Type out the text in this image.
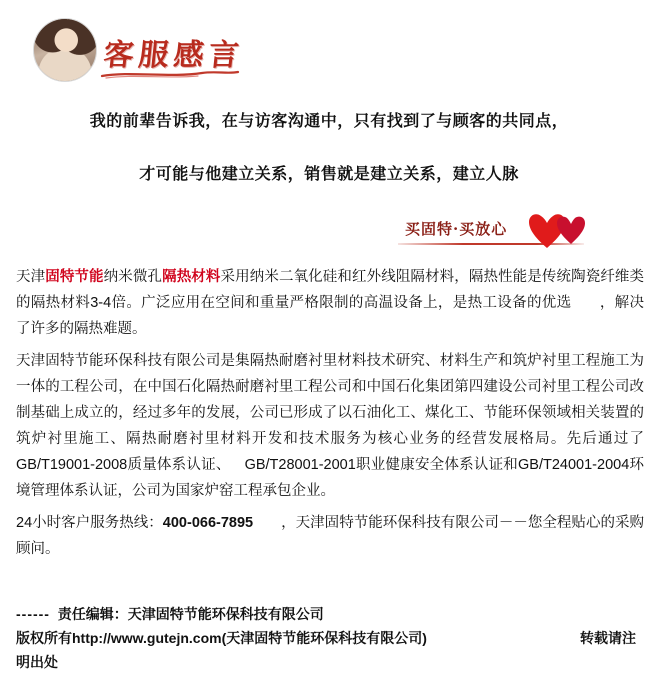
客服感言
我的前辈告诉我，在与访客沟通中，只有找到了与顾客的共同点，
才可能与他建立关系，销售就是建立关系，建立人脉
买固特·买放心

天津固特节能纳米微孔隔热材料采用纳米二氧化硅和红外线阻隔材料，隔热性能是传统陶瓷纤维类的隔热材料3-4倍。广泛应用在空间和重量严格限制的高温设备上，是热工设备的优选 ，解决了许多的隔热难题。

天津固特节能环保科技有限公司是集隔热耐磨衬里材料技术研究、材料生产和筑炉衬里工程施工为一体的工程公司，在中国石化隔热耐磨衬里工程公司和中国石化集团第四建设公司衬里工程公司改制基础上成立的，经过多年的发展，公司已形成了以石油化工、煤化工、节能环保领域相关装置的筑炉衬里施工、隔热耐磨衬里材料开发和技术服务为核心业务的经营发展格局。先后通过了GB/T19001-2008质量体系认证、 GB/T28001-2001职业健康安全体系认证和GB/T24001-2004环境管理体系认证，公司为国家炉窑工程承包企业。

24小时客户服务热线：400-066-7895 ，天津固特节能环保科技有限公司－－您全程贴心的采购顾问。

------ 责任编辑：天津固特节能环保科技有限公司
版权所有http://www.gutejn.com(天津固特节能环保科技有限公司)	转载请注
明出处
